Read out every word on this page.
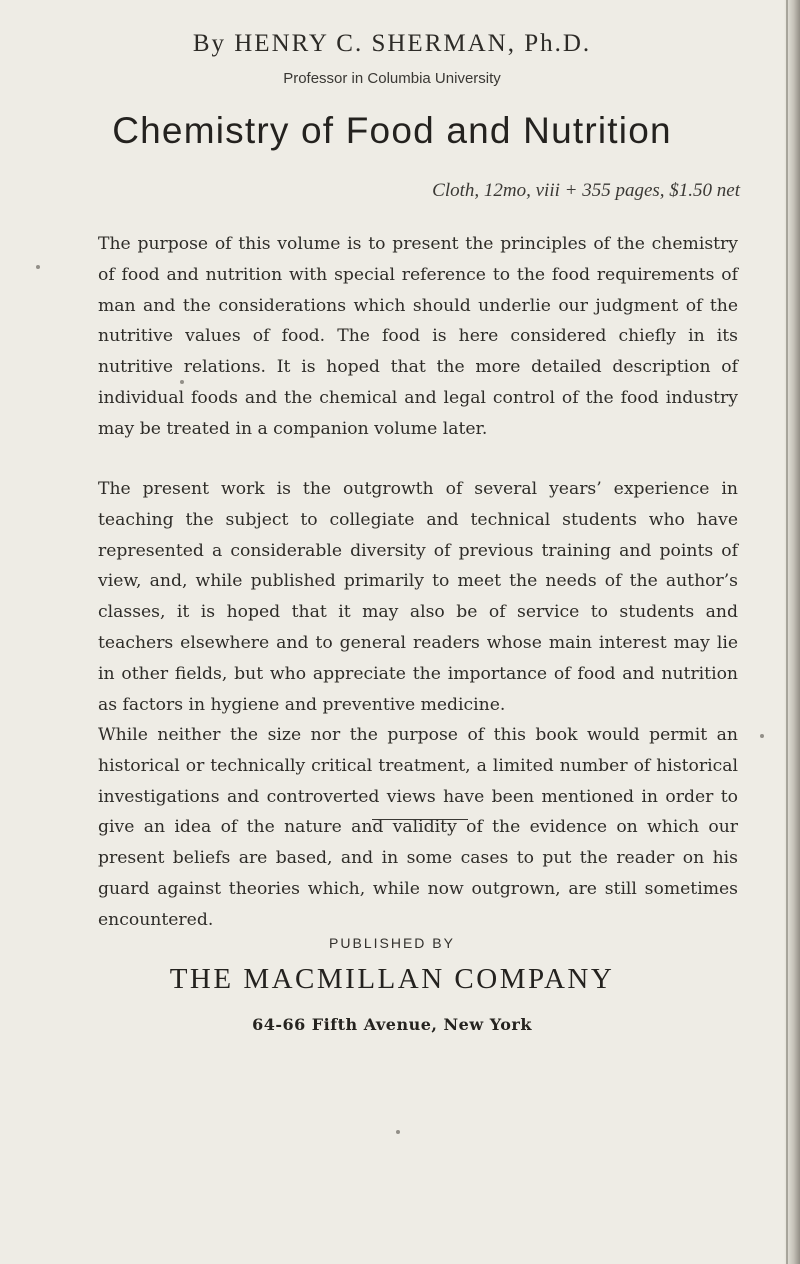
By HENRY C. SHERMAN, Ph.D.

Professor in Columbia University

Chemistry of Food and Nutrition

Cloth, 12mo, viii + 355 pages, $1.50 net

The purpose of this volume is to present the principles of the chemistry of food and nutrition with special reference to the food requirements of man and the considerations which should underlie our judgment of the nutritive values of food. The food is here considered chiefly in its nutritive relations. It is hoped that the more detailed description of individual foods and the chemical and legal control of the food industry may be treated in a companion volume later.

The present work is the outgrowth of several years’ experience in teaching the subject to collegiate and technical students who have represented a considerable diversity of previous training and points of view, and, while published primarily to meet the needs of the author’s classes, it is hoped that it may also be of service to students and teachers elsewhere and to general readers whose main interest may lie in other fields, but who appreciate the importance of food and nutrition as factors in hygiene and preventive medicine.

While neither the size nor the purpose of this book would permit an historical or technically critical treatment, a limited number of historical investigations and controverted views have been mentioned in order to give an idea of the nature and validity of the evidence on which our present beliefs are based, and in some cases to put the reader on his guard against theories which, while now outgrown, are still sometimes encountered.

PUBLISHED BY

THE MACMILLAN COMPANY

64-66 Fifth Avenue, New York
